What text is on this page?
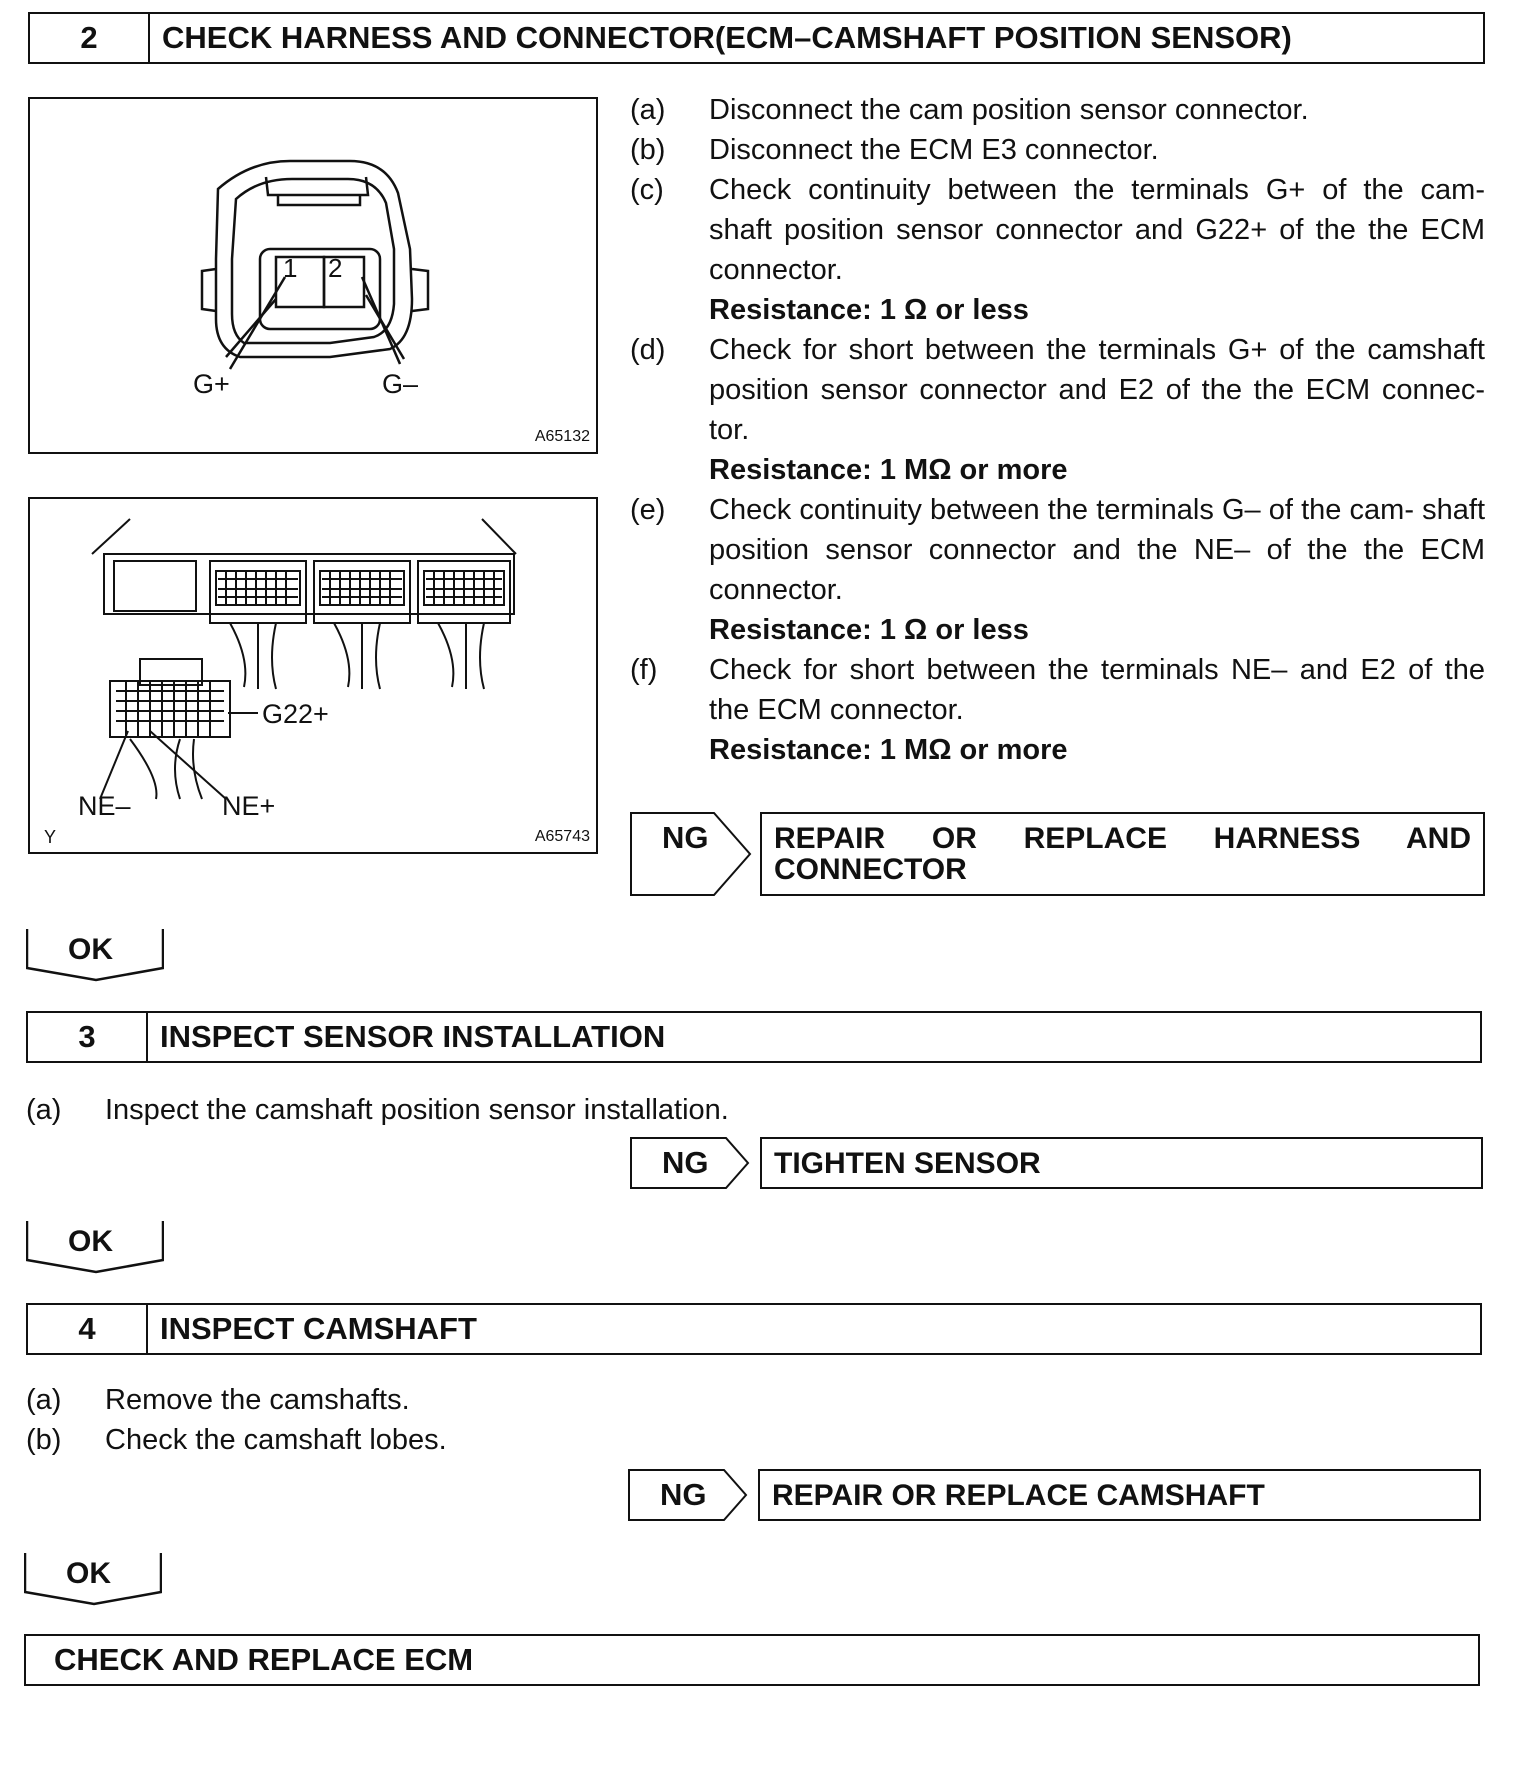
2	CHECK HARNESS AND CONNECTOR(ECM–CAMSHAFT POSITION SENSOR)
1 2
G+	G–
A65132
G22+
NE–	NE+
Y	A65743
(a)	Disconnect the cam position sensor connector.
(b)	Disconnect the ECM E3 connector.
(c)	Check continuity between the terminals G+ of the cam- shaft position sensor connector and G22+ of the the ECM connector.
Resistance: 1 Ω or less
(d)	Check for short between the terminals G+ of the camshaft position sensor connector and E2 of the the ECM connec- tor.
Resistance: 1 MΩ or more
(e)	Check continuity between the terminals G– of the cam- shaft position sensor connector and the NE– of the the ECM connector.
Resistance: 1 Ω or less
(f)	Check for short between the terminals NE– and E2 of the the ECM connector.
Resistance: 1 MΩ or more
NG REPAIR OR REPLACE HARNESS AND
CONNECTOR
OK
3	INSPECT SENSOR INSTALLATION
(a)	Inspect the camshaft position sensor installation.
NG	TIGHTEN SENSOR
OK
4	INSPECT CAMSHAFT
(a)	Remove the camshafts.
(b)	Check the camshaft lobes.
NG	REPAIR OR REPLACE CAMSHAFT
OK
CHECK AND REPLACE ECM
